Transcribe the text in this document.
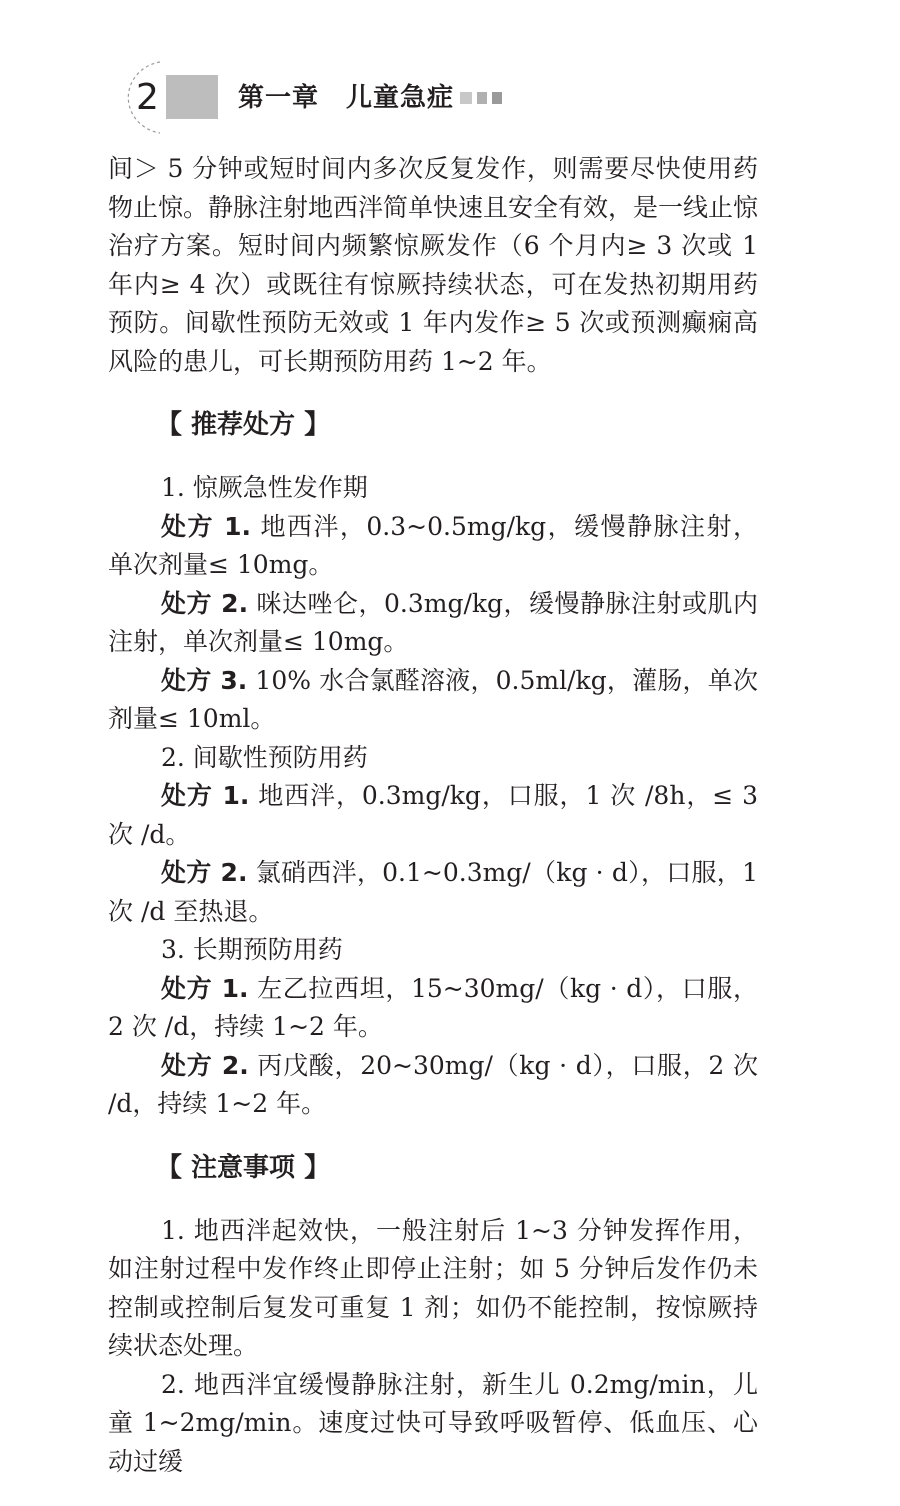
2	第一章　儿童急症

间＞ 5 分钟或短时间内多次反复发作，则需要尽快使用药物止惊。静脉注射地西泮简单快速且安全有效，是一线止惊治疗方案。短时间内频繁惊厥发作（6 个月内≥ 3 次或 1 年内≥ 4 次）或既往有惊厥持续状态，可在发热初期用药预防。间歇性预防无效或 1 年内发作≥ 5 次或预测癫痫高风险的患儿，可长期预防用药 1~2 年。

【 推荐处方 】

1. 惊厥急性发作期

处方 1. 地西泮，0.3~0.5mg/kg，缓慢静脉注射，单次剂量≤ 10mg。

处方 2. 咪达唑仑，0.3mg/kg，缓慢静脉注射或肌内注射，单次剂量≤ 10mg。

处方 3. 10% 水合氯醛溶液，0.5ml/kg，灌肠，单次剂量≤ 10ml。

2. 间歇性预防用药

处方 1. 地西泮，0.3mg/kg，口服，1 次 /8h，≤ 3 次 /d。

处方 2. 氯硝西泮，0.1~0.3mg/（kg · d），口服，1 次 /d 至热退。

3. 长期预防用药

处方 1. 左乙拉西坦，15~30mg/（kg · d），口服，2 次 /d，持续 1~2 年。

处方 2. 丙戊酸，20~30mg/（kg · d），口服，2 次 /d，持续 1~2 年。

【 注意事项 】

1. 地西泮起效快，一般注射后 1~3 分钟发挥作用，如注射过程中发作终止即停止注射；如 5 分钟后发作仍未控制或控制后复发可重复 1 剂；如仍不能控制，按惊厥持续状态处理。

2. 地西泮宜缓慢静脉注射，新生儿 0.2mg/min，儿童 1~2mg/min。速度过快可导致呼吸暂停、低血压、心动过缓
